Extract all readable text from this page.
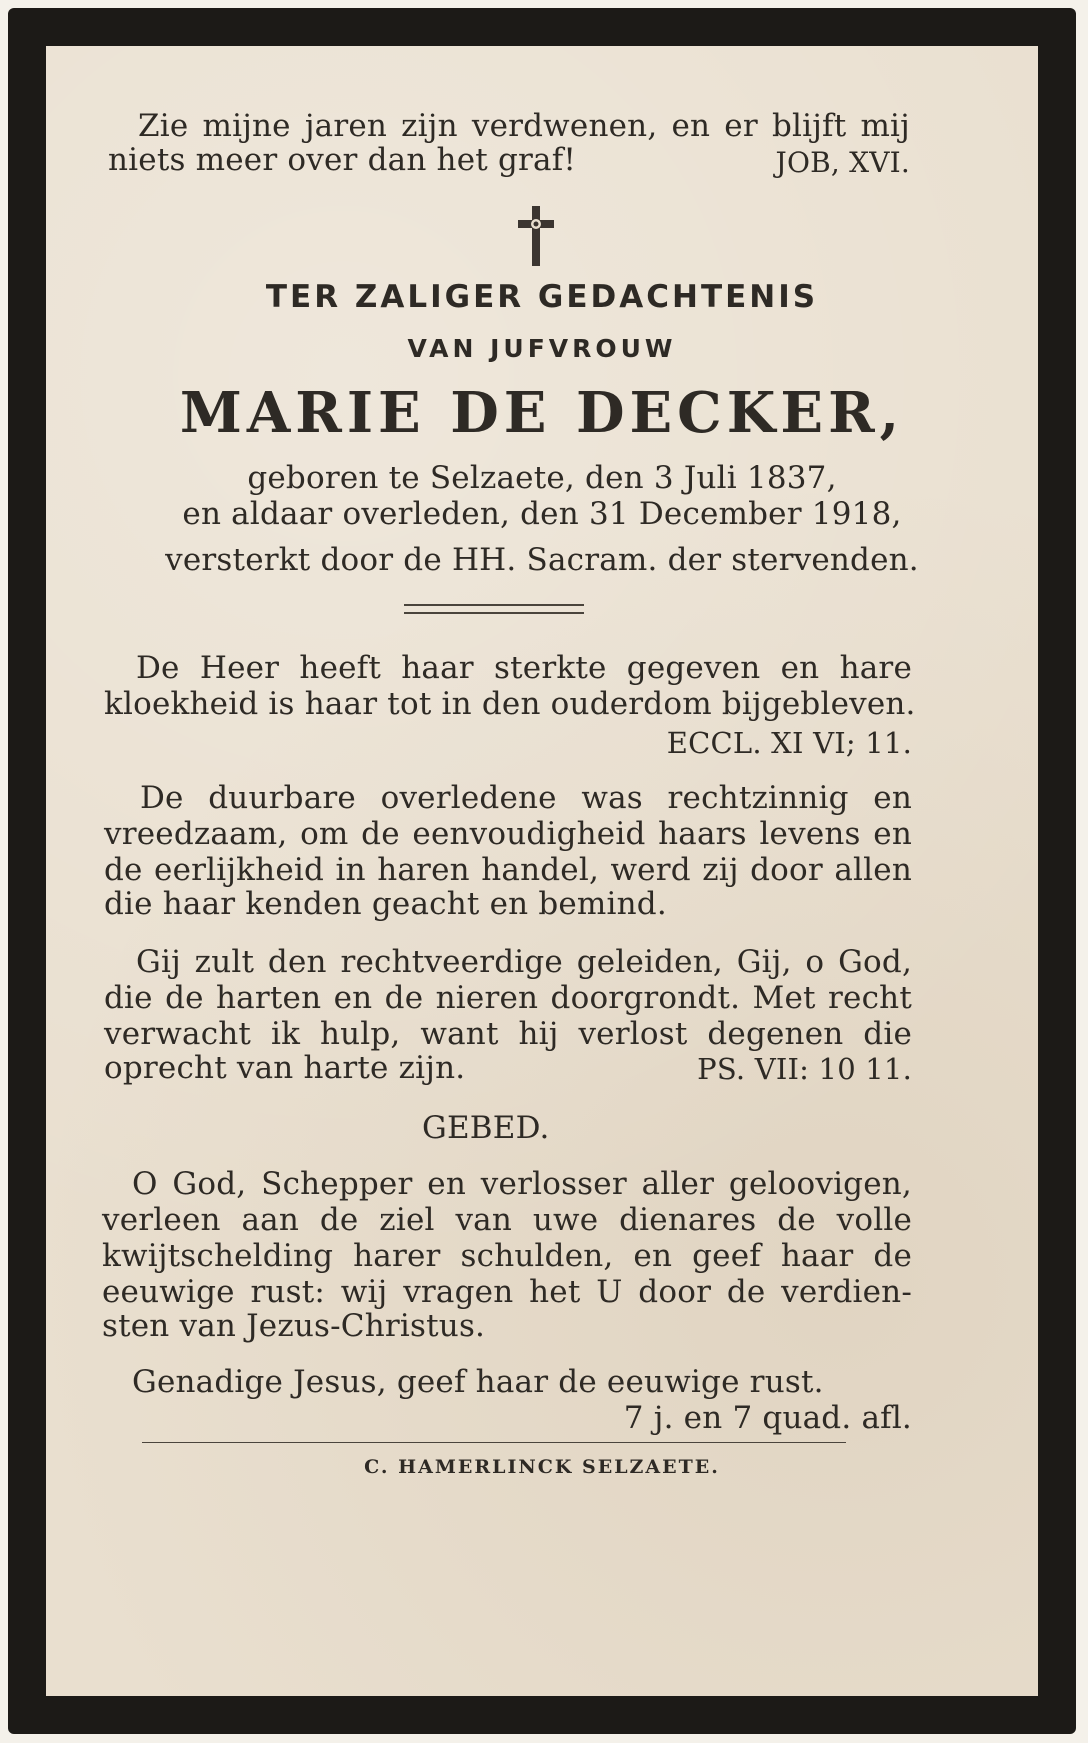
Zie mijne jaren zijn verdwenen, en er blijft mij
niets meer over dan het graf!	JOB, XVI.
TER ZALIGER GEDACHTENIS
VAN JUFVROUW
MARIE DE DECKER,
geboren te Selzaete, den 3 Juli 1837,
en aldaar overleden, den 31 December 1918,
versterkt door de HH. Sacram. der stervenden.
De Heer heeft haar sterkte gegeven en hare
kloekheid is haar tot in den ouderdom bijgebleven.
ECCL. XI VI; 11.
De duurbare overledene was rechtzinnig en
vreedzaam, om de eenvoudigheid haars levens en
de eerlijkheid in haren handel, werd zij door allen
die haar kenden geacht en bemind.
Gij zult den rechtveerdige geleiden, Gij, o God,
die de harten en de nieren doorgrondt. Met recht
verwacht ik hulp, want hij verlost degenen die
oprecht van harte zijn.	PS. VII: 10 11.
GEBED.
O God, Schepper en verlosser aller geloovigen,
verleen aan de ziel van uwe dienares de volle
kwijtschelding harer schulden, en geef haar de
eeuwige rust: wij vragen het U door de verdien-
sten van Jezus-Christus.
Genadige Jesus, geef haar de eeuwige rust.
7 j. en 7 quad. afl.
C. HAMERLINCK SELZAETE.
